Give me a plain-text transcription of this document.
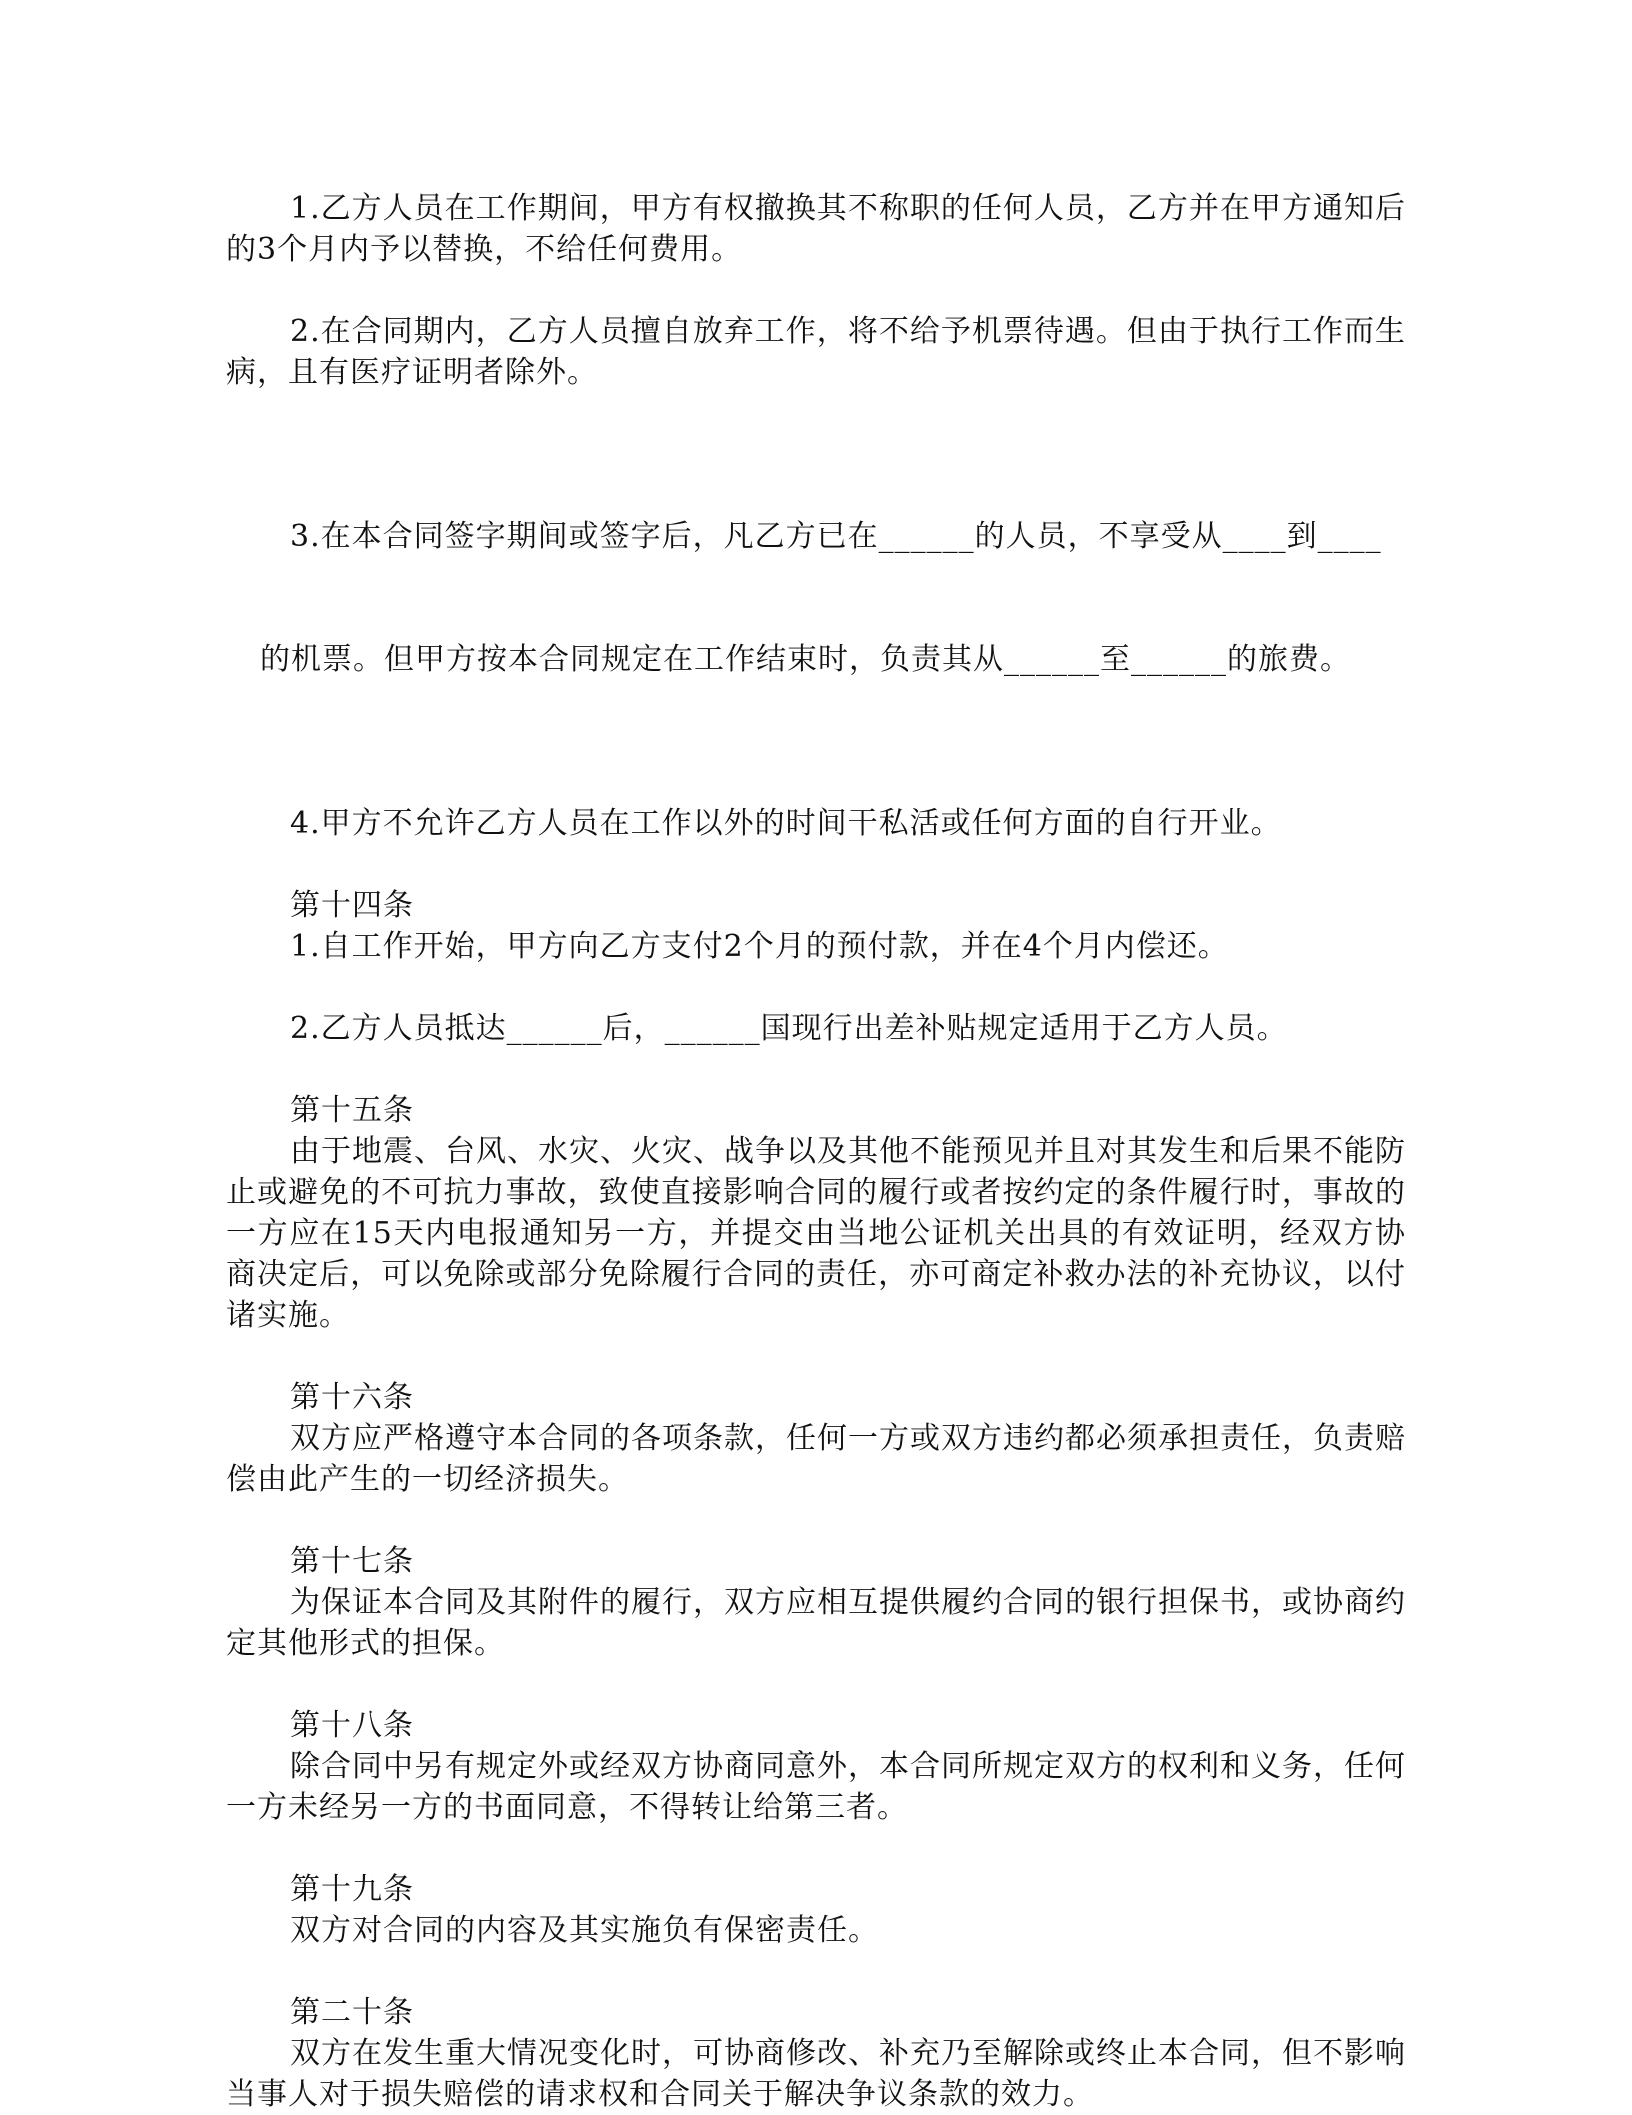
1.乙方人员在工作期间，甲方有权撤换其不称职的任何人员，乙方并在甲方通知后的3个月内予以替换，不给任何费用。

2.在合同期内，乙方人员擅自放弃工作，将不给予机票待遇。但由于执行工作而生病，且有医疗证明者除外。

3.在本合同签字期间或签字后，凡乙方已在______的人员，不享受从____到____

的机票。但甲方按本合同规定在工作结束时，负责其从______至______的旅费。

4.甲方不允许乙方人员在工作以外的时间干私活或任何方面的自行开业。

第十四条

1.自工作开始，甲方向乙方支付2个月的预付款，并在4个月内偿还。

2.乙方人员抵达______后，______国现行出差补贴规定适用于乙方人员。

第十五条

由于地震、台风、水灾、火灾、战争以及其他不能预见并且对其发生和后果不能防止或避免的不可抗力事故，致使直接影响合同的履行或者按约定的条件履行时，事故的一方应在15天内电报通知另一方，并提交由当地公证机关出具的有效证明，经双方协商决定后，可以免除或部分免除履行合同的责任，亦可商定补救办法的补充协议，以付诸实施。

第十六条

双方应严格遵守本合同的各项条款，任何一方或双方违约都必须承担责任，负责赔偿由此产生的一切经济损失。

第十七条

为保证本合同及其附件的履行，双方应相互提供履约合同的银行担保书，或协商约定其他形式的担保。

第十八条

除合同中另有规定外或经双方协商同意外，本合同所规定双方的权利和义务，任何一方未经另一方的书面同意，不得转让给第三者。

第十九条

双方对合同的内容及其实施负有保密责任。

第二十条

双方在发生重大情况变化时，可协商修改、补充乃至解除或终止本合同，但不影响当事人对于损失赔偿的请求权和合同关于解决争议条款的效力。
